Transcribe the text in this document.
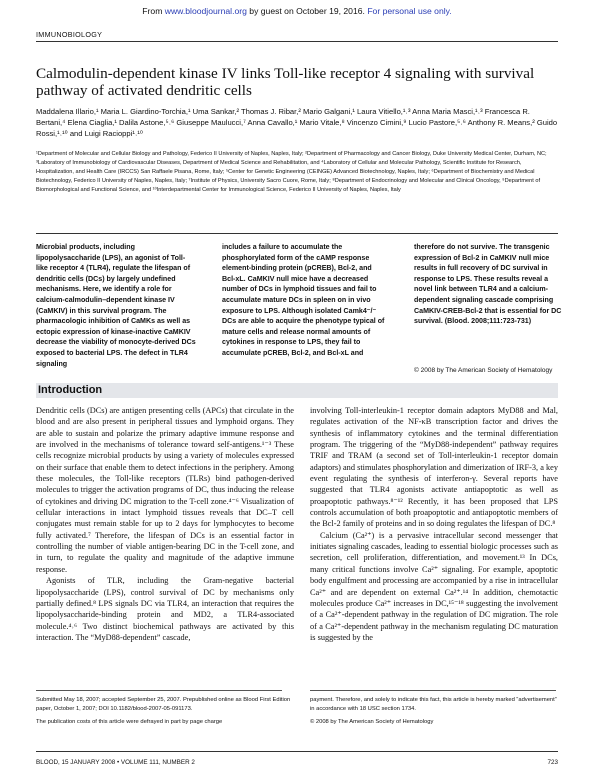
From www.bloodjournal.org by guest on October 19, 2016. For personal use only.
IMMUNOBIOLOGY
Calmodulin-dependent kinase IV links Toll-like receptor 4 signaling with survival pathway of activated dendritic cells
Maddalena Illario,¹ Maria L. Giardino-Torchia,¹ Uma Sankar,² Thomas J. Ribar,² Mario Galgani,¹ Laura Vitiello,¹˒³ Anna Maria Masci,¹˒³ Francesca R. Bertani,⁴ Elena Ciaglia,¹ Dalila Astone,⁵˒⁶ Giuseppe Maulucci,⁷ Anna Cavallo,¹ Mario Vitale,⁸ Vincenzo Cimini,⁹ Lucio Pastore,⁵˒⁶ Anthony R. Means,² Guido Rossi,¹˒¹⁰ and Luigi Racioppi¹˒¹⁰
¹Department of Molecular and Cellular Biology and Pathology, Federico II University of Naples, Naples, Italy; ²Department of Pharmacology and Cancer Biology, Duke University Medical Center, Durham, NC; ³Laboratory of Immunobiology of Cardiovascular Diseases, Department of Medical Science and Rehabilitation, and ⁴Laboratory of Cellular and Molecular Pathology, Scientific Institute for Research, Hospitalization, and Health Care (IRCCS) San Raffaele Pisana, Rome, Italy; ⁵Center for Genetic Engineering (CEINGE) Advanced Biotechnology, Naples, Italy; ⁶Department of Biochemistry and Medical Biotechnology, Federico II University of Naples, Naples, Italy; ⁷Institute of Physics, University Sacro Cuore, Rome, Italy; ⁸Department of Endocrinology and Molecular and Clinical Oncology, ⁹Department of Biomorphological and Functional Science, and ¹⁰Interdepartmental Center for Immunological Science, Federico II University of Naples, Naples, Italy
Microbial products, including lipopolysaccharide (LPS), an agonist of Toll-like receptor 4 (TLR4), regulate the lifespan of dendritic cells (DCs) by largely undefined mechanisms. Here, we identify a role for calcium-calmodulin–dependent kinase IV (CaMKIV) in this survival program. The pharmacologic inhibition of CaMKs as well as ectopic expression of kinase-inactive CaMKIV decrease the viability of monocyte-derived DCs exposed to bacterial LPS. The defect in TLR4 signaling
includes a failure to accumulate the phosphorylated form of the cAMP response element-binding protein (pCREB), Bcl-2, and Bcl-xL. CaMKIV null mice have a decreased number of DCs in lymphoid tissues and fail to accumulate mature DCs in spleen on in vivo exposure to LPS. Although isolated Camk4⁻/⁻ DCs are able to acquire the phenotype typical of mature cells and release normal amounts of cytokines in response to LPS, they fail to accumulate pCREB, Bcl-2, and Bcl-xL and
therefore do not survive. The transgenic expression of Bcl-2 in CaMKIV null mice results in full recovery of DC survival in response to LPS. These results reveal a novel link between TLR4 and a calcium-dependent signaling cascade comprising CaMKIV-CREB-Bcl-2 that is essential for DC survival. (Blood. 2008;111:723-731)
© 2008 by The American Society of Hematology
Introduction

Dendritic cells (DCs) are antigen presenting cells (APCs) that circulate in the blood and are also present in peripheral tissues and lymphoid organs. They are able to sustain and polarize the primary adaptive immune response and are involved in the mechanisms of tolerance toward self-antigens.¹⁻³ These cells recognize microbial products by using a variety of molecules expressed on their surface that enable them to detect infections in the periphery. Among these molecules, the Toll-like receptors (TLRs) bind pathogen-derived molecules to trigger the activation programs of DC, thus inducing the release of cytokines and driving DC migration to the T-cell zone.⁴⁻⁶ Visualization of cellular interactions in intact lymphoid tissues reveals that DC–T cell conjugates must remain stable for up to 2 days for lymphocytes to become fully activated.⁷ Therefore, the lifespan of DCs is an essential factor in controlling the number of viable antigen-bearing DC in the T-cell zone, and in turn, to regulate the quality and magnitude of the adaptive immune response.

Agonists of TLR, including the Gram-negative bacterial lipopolysaccharide (LPS), control survival of DC by mechanisms only partially defined.⁸ LPS signals DC via TLR4, an interaction that requires the lipopolysaccharide-binding protein and MD2, a TLR4-associated molecule.⁴˒⁶ Two distinct biochemical pathways are activated by this interaction. The “MyD88-dependent” cascade,

involving Toll-interleukin-1 receptor domain adaptors MyD88 and Mal, regulates activation of the NF-κB transcription factor and drives the synthesis of inflammatory cytokines and the terminal differentiation program. The triggering of the “MyD88-independent” pathway requires TRIF and TRAM (a second set of Toll-interleukin-1 receptor domain adaptors) and stimulates phosphorylation and dimerization of IRF-3, a key event regulating the synthesis of interferon-γ. Several reports have suggested that TLR4 agonists activate antiapoptotic as well as proapoptotic pathways.⁸⁻¹² Recently, it has been proposed that LPS controls accumulation of both proapoptotic and antiapoptotic members of the Bcl-2 family of proteins and in so doing regulates the lifespan of DC.⁸

Calcium (Ca²⁺) is a pervasive intracellular second messenger that initiates signaling cascades, leading to essential biologic processes such as secretion, cell proliferation, differentiation, and movement.¹³ In DCs, many critical functions involve Ca²⁺ signaling. For example, apoptotic body engulfment and processing are accompanied by a rise in intracellular Ca²⁺ and are dependent on external Ca²⁺.¹⁴ In addition, chemotactic molecules produce Ca²⁺ increases in DC,¹⁵⁻¹⁸ suggesting the involvement of a Ca²⁺-dependent pathway in the regulation of DC migration. The role of a Ca²⁺-dependent pathway in the mechanism regulating DC maturation is suggested by the

Submitted May 18, 2007; accepted September 25, 2007. Prepublished online as Blood First Edition paper, October 1, 2007; DOI 10.1182/blood-2007-05-091173.

The publication costs of this article were defrayed in part by page charge

payment. Therefore, and solely to indicate this fact, this article is hereby marked “advertisement” in accordance with 18 USC section 1734.

© 2008 by The American Society of Hematology

BLOOD, 15 JANUARY 2008 • VOLUME 111, NUMBER 2	723
